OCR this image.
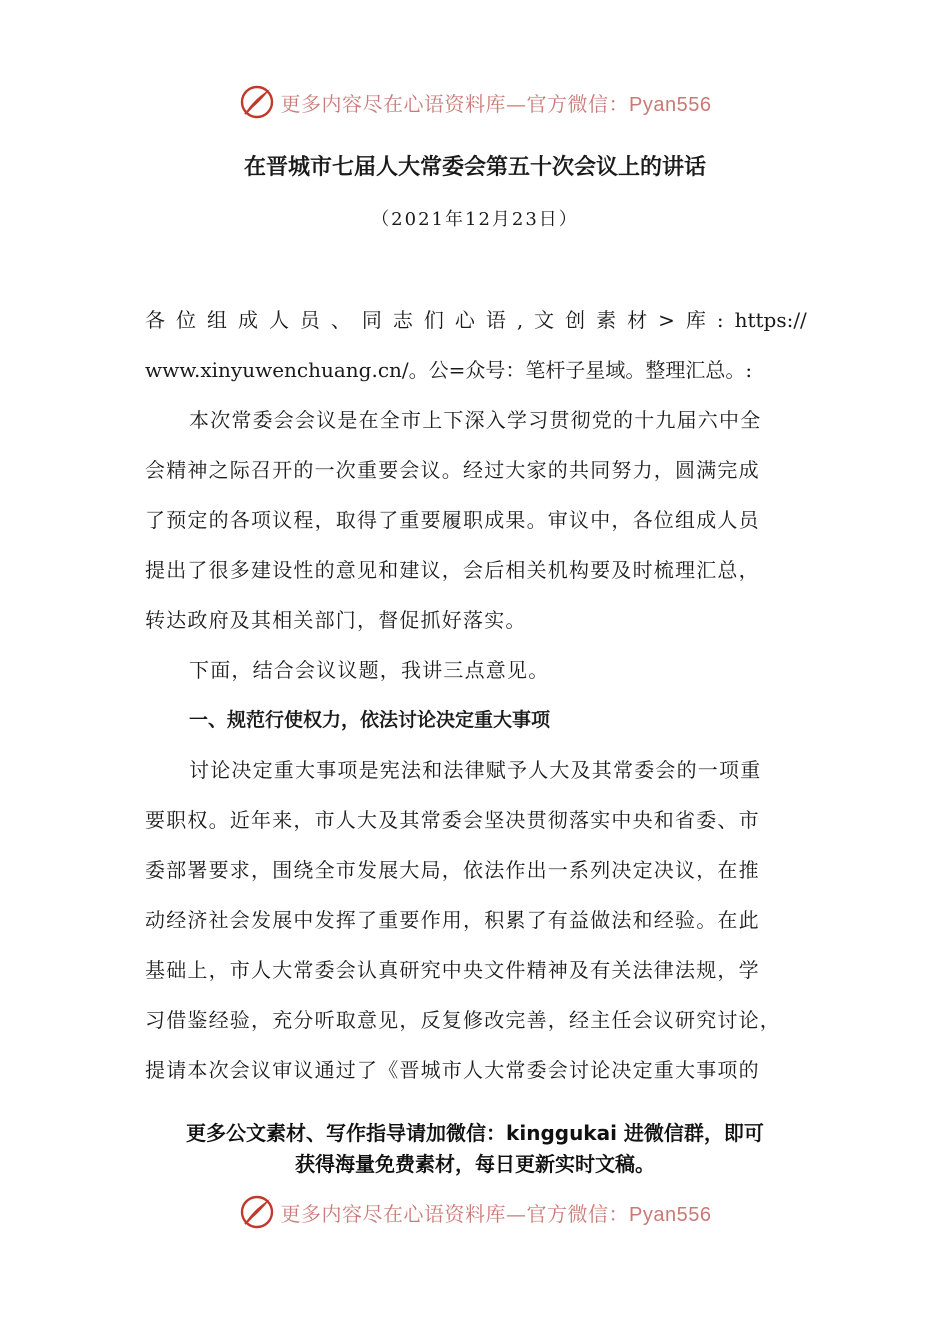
更多内容尽在心语资料库—官方微信：Pyan556
在晋城市七届人大常委会第五十次会议上的讲话
（2021年12月23日）
各 位 组 成 人 员 、 同 志 们 心 语 , 文 创 素 材 > 库 : https://
www.xinyuwenchuang.cn/。公=众号：笔杆子星域。整理汇总。:
本次常委会会议是在全市上下深入学习贯彻党的十九届六中全
会精神之际召开的一次重要会议。经过大家的共同努力，圆满完成
了预定的各项议程，取得了重要履职成果。审议中，各位组成人员
提出了很多建设性的意见和建议，会后相关机构要及时梳理汇总，
转达政府及其相关部门，督促抓好落实。
下面，结合会议议题，我讲三点意见。
一、规范行使权力，依法讨论决定重大事项
讨论决定重大事项是宪法和法律赋予人大及其常委会的一项重
要职权。近年来，市人大及其常委会坚决贯彻落实中央和省委、市
委部署要求，围绕全市发展大局，依法作出一系列决定决议，在推
动经济社会发展中发挥了重要作用，积累了有益做法和经验。在此
基础上，市人大常委会认真研究中央文件精神及有关法律法规，学
习借鉴经验，充分听取意见，反复修改完善，经主任会议研究讨论，
提请本次会议审议通过了《晋城市人大常委会讨论决定重大事项的
更多公文素材、写作指导请加微信：kinggukai 进微信群，即可
获得海量免费素材，每日更新实时文稿。
更多内容尽在心语资料库—官方微信：Pyan556
